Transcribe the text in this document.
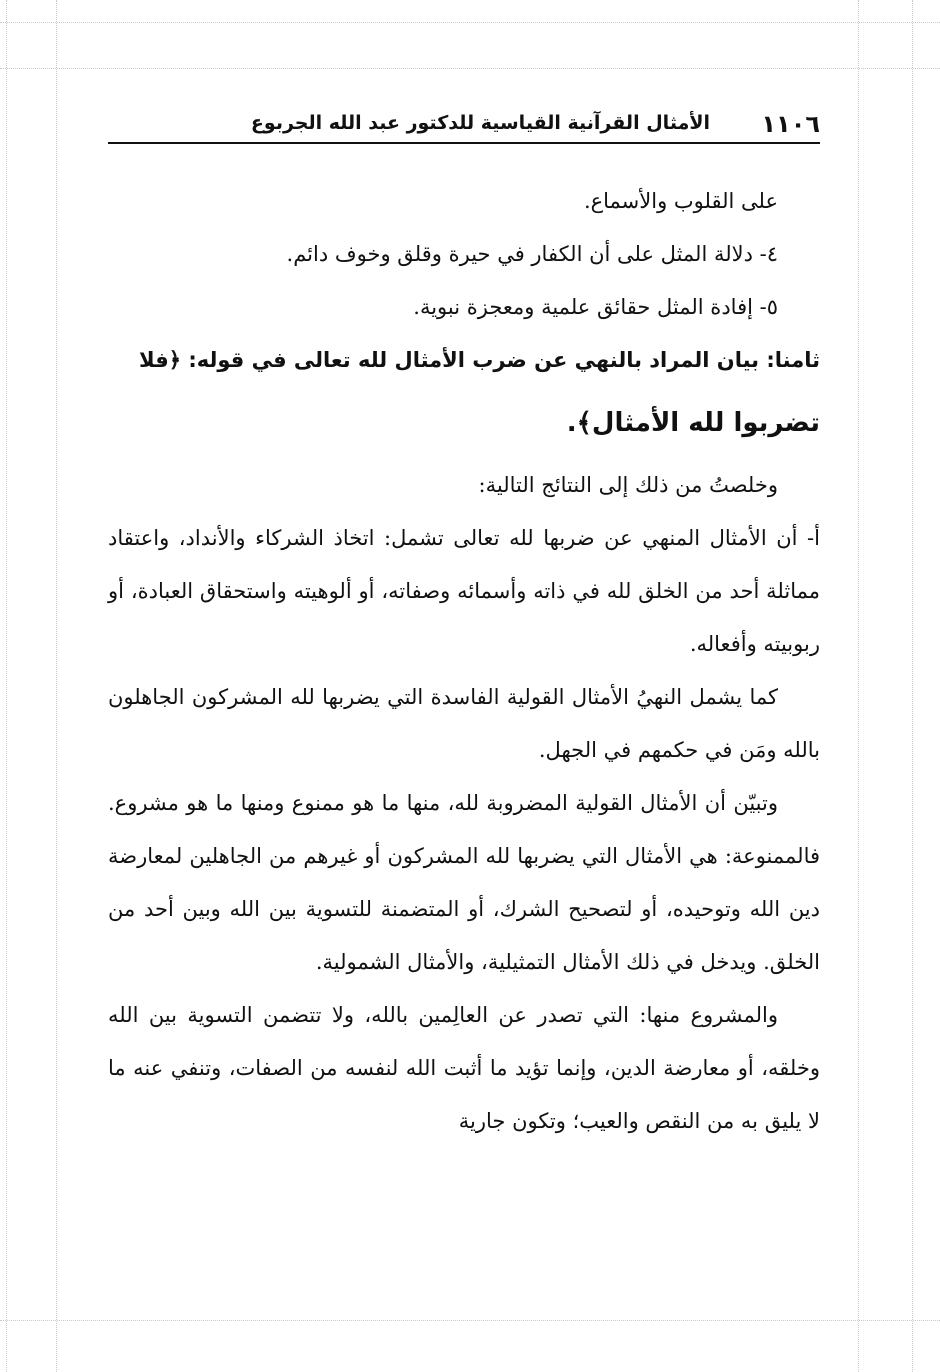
١١٠٦
الأمثال القرآنية القياسية للدكتور عبد الله الجربوع

على القلوب والأسماع.

٤- دلالة المثل على أن الكفار في حيرة وقلق وخوف دائم.

٥- إفادة المثل حقائق علمية ومعجزة نبوية.

ثامنا: بيان المراد بالنهي عن ضرب الأمثال لله تعالى في قوله: ﴿فلا

تضربوا لله الأمثال﴾.

وخلصتُ من ذلك إلى النتائج التالية:

أ- أن الأمثال المنهي عن ضربها لله تعالى تشمل: اتخاذ الشركاء والأنداد، واعتقاد مماثلة أحد من الخلق لله في ذاته وأسمائه وصفاته، أو ألوهيته واستحقاق العبادة، أو ربوبيته وأفعاله.

كما يشمل النهيُ الأمثال القولية الفاسدة التي يضربها لله المشركون الجاهلون بالله ومَن في حكمهم في الجهل.

وتبيّن أن الأمثال القولية المضروبة لله، منها ما هو ممنوع ومنها ما هو مشروع. فالممنوعة: هي الأمثال التي يضربها لله المشركون أو غيرهم من الجاهلين لمعارضة دين الله وتوحيده، أو لتصحيح الشرك، أو المتضمنة للتسوية بين الله وبين أحد من الخلق. ويدخل في ذلك الأمثال التمثيلية، والأمثال الشمولية.

والمشروع منها: التي تصدر عن العالِمين بالله، ولا تتضمن التسوية بين الله وخلقه، أو معارضة الدين، وإنما تؤيد ما أثبت الله لنفسه من الصفات، وتنفي عنه ما لا يليق به من النقص والعيب؛ وتكون جارية
